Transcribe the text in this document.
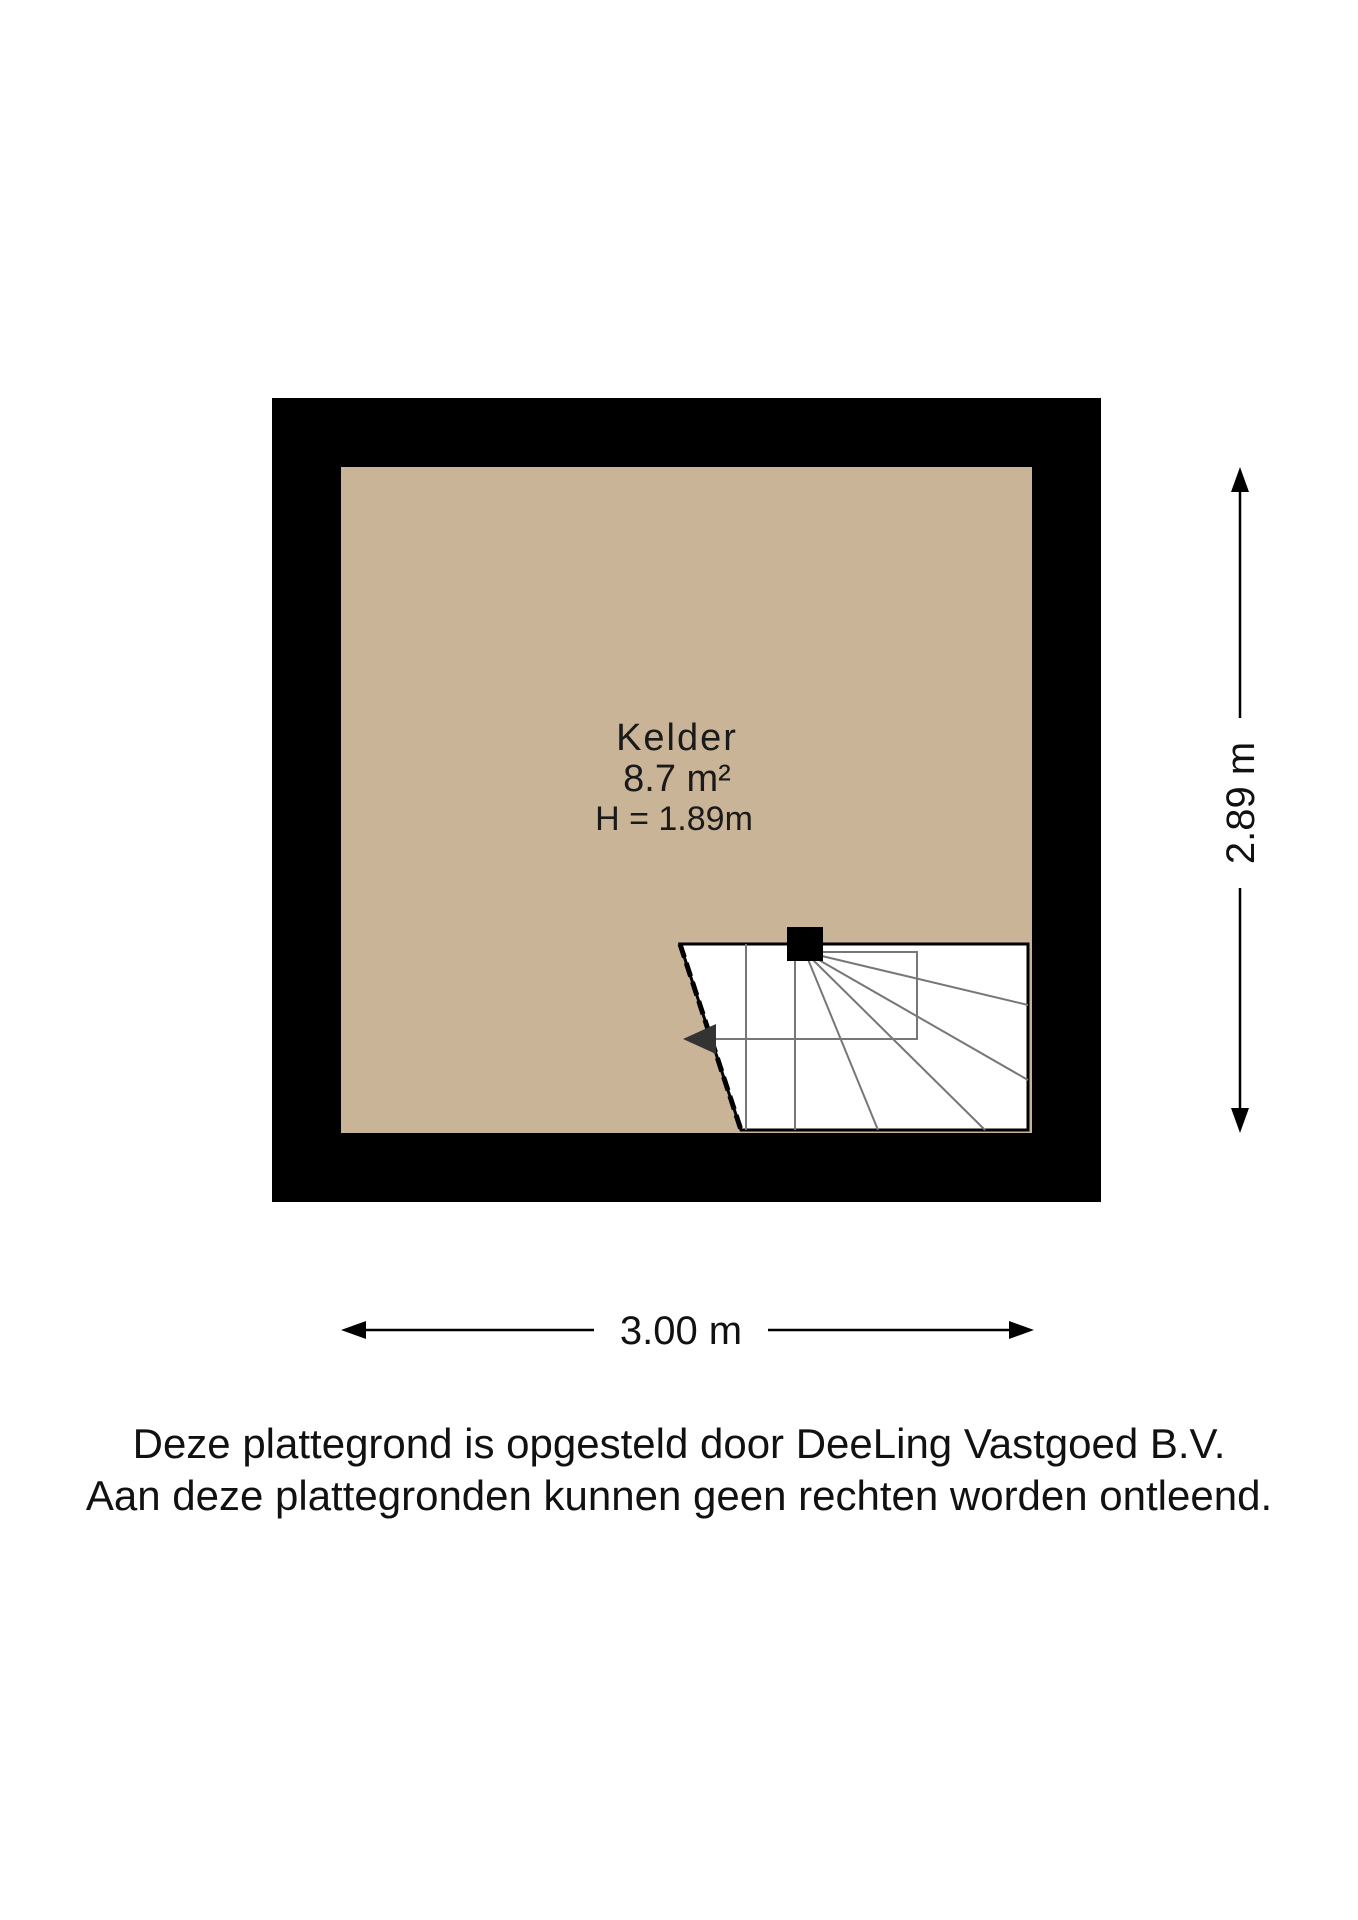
Kelder
8.7 m²
H = 1.89m
3.00 m
2.89 m
Deze plattegrond is opgesteld door DeeLing Vastgoed B.V.
Aan deze plattegronden kunnen geen rechten worden ontleend.
